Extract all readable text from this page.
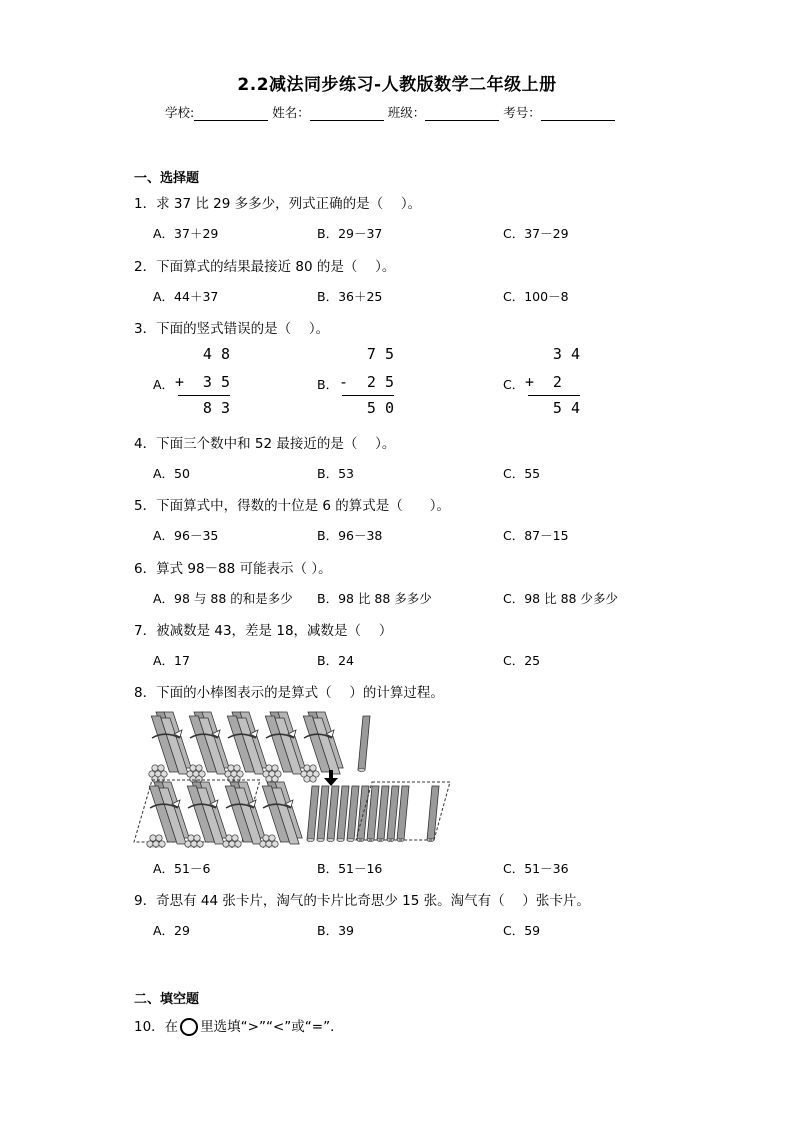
2.2减法同步练习-人教版数学二年级上册
学校:	姓名：	班级：	考号：
一、选择题
1．求 37 比 29 多多少，列式正确的是（　 ）。
A．37＋29	B．29－37	C．37－29
2．下面算式的结果最接近 80 的是（　 ）。
A．44＋37	B．36＋25	C．100－8
3．下面的竖式错误的是（　 ）。
A．
4 8
+ 3 5
8 3
B．
7 5
- 2 5
5 0
C．
3 4
+ 2
5 4
4．下面三个数中和 52 最接近的是（　 ）。
A．50	B．53	C．55
5．下面算式中，得数的十位是 6 的算式是（　　）。
A．96－35	B．96－38	C．87－15
6．算式 98－88 可能表示（ ）。
A．98 与 88 的和是多少 B．98 比 88 多多少	C．98 比 88 少多少
7．被减数是 43，差是 18，减数是（　 ）
A．17	B．24	C．25
8．下面的小棒图表示的是算式（　 ）的计算过程。
A．51－6	B．51－16	C．51－36
9．奇思有 44 张卡片，淘气的卡片比奇思少 15 张。淘气有（　 ）张卡片。
A．29	B．39	C．59
二、填空题
10．在 里选填“>”“<”或“=”．
